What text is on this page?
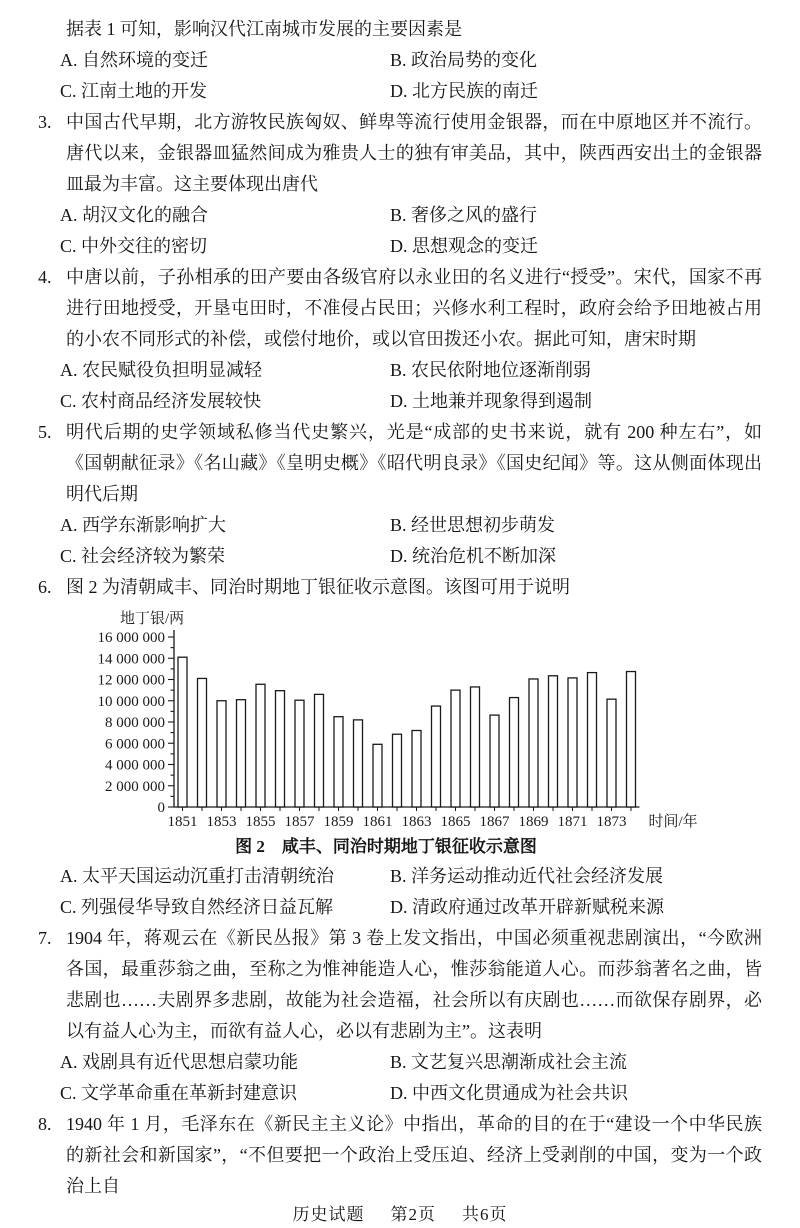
据表 1 可知，影响汉代江南城市发展的主要因素是
A. 自然环境的变迁	B. 政治局势的变化
C. 江南土地的开发	D. 北方民族的南迁
3. 中国古代早期，北方游牧民族匈奴、鲜卑等流行使用金银器，而在中原地区并不流行。唐代以来，金银器皿猛然间成为雅贵人士的独有审美品，其中，陕西西安出土的金银器皿最为丰富。这主要体现出唐代
A. 胡汉文化的融合	B. 奢侈之风的盛行
C. 中外交往的密切	D. 思想观念的变迁
4. 中唐以前，子孙相承的田产要由各级官府以永业田的名义进行“授受”。宋代，国家不再进行田地授受，开垦屯田时，不准侵占民田；兴修水利工程时，政府会给予田地被占用的小农不同形式的补偿，或偿付地价，或以官田拨还小农。据此可知，唐宋时期
A. 农民赋役负担明显减轻	B. 农民依附地位逐渐削弱
C. 农村商品经济发展较快	D. 土地兼并现象得到遏制
5. 明代后期的史学领域私修当代史繁兴，光是“成部的史书来说，就有 200 种左右”，如《国朝献征录》《名山藏》《皇明史概》《昭代明良录》《国史纪闻》等。这从侧面体现出明代后期
A. 西学东渐影响扩大	B. 经世思想初步萌发
C. 社会经济较为繁荣	D. 统治危机不断加深
6. 图 2 为清朝咸丰、同治时期地丁银征收示意图。该图可用于说明
0
2 000 000
4 000 000
6 000 000
8 000 000
10 000 000
12 000 000
14 000 000
16 000 000
1851 1853 1855 1857 1859 1861 1863 1865 1867 1869 1871 1873
地丁银/两
时间/年
图 2　咸丰、同治时期地丁银征收示意图
A. 太平天国运动沉重打击清朝统治	B. 洋务运动推动近代社会经济发展
C. 列强侵华导致自然经济日益瓦解	D. 清政府通过改革开辟新赋税来源
7. 1904 年，蒋观云在《新民丛报》第 3 卷上发文指出，中国必须重视悲剧演出，“今欧洲各国，最重莎翁之曲，至称之为惟神能造人心，惟莎翁能道人心。而莎翁著名之曲，皆悲剧也……夫剧界多悲剧，故能为社会造福，社会所以有庆剧也……而欲保存剧界，必以有益人心为主，而欲有益人心，必以有悲剧为主”。这表明
A. 戏剧具有近代思想启蒙功能	B. 文艺复兴思潮渐成社会主流
C. 文学革命重在革新封建意识	D. 中西文化贯通成为社会共识
8. 1940 年 1 月，毛泽东在《新民主主义论》中指出，革命的目的在于“建设一个中华民族的新社会和新国家”，“不但要把一个政治上受压迫、经济上受剥削的中国，变为一个政治上自
历史试题 第2页 共6页
